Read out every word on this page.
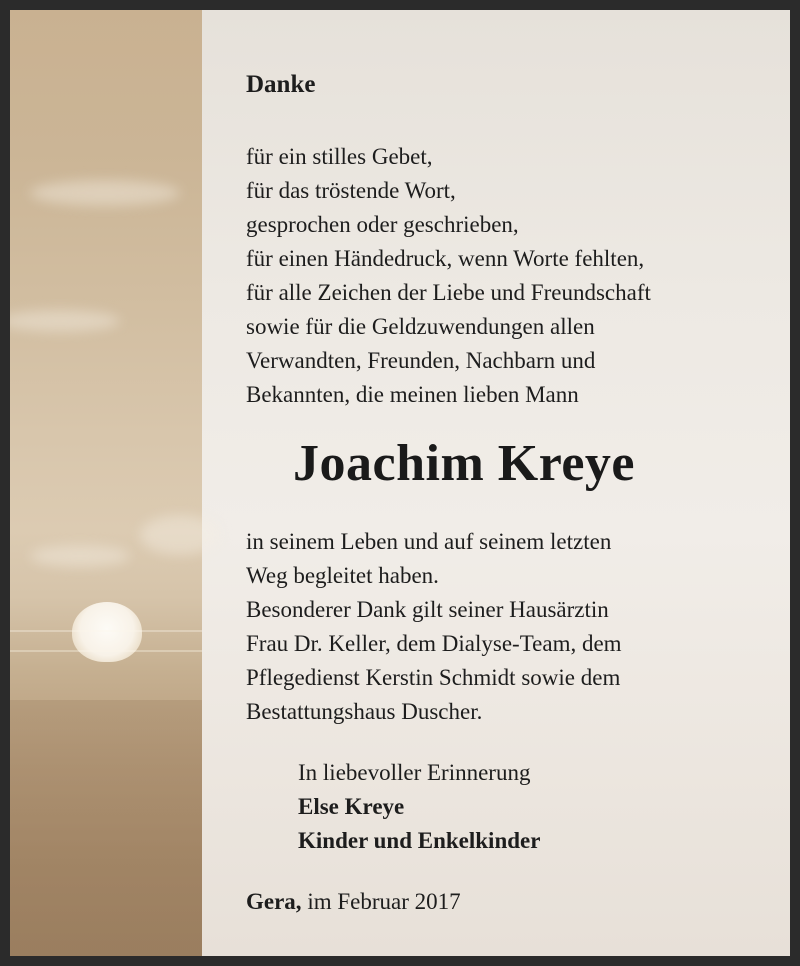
Danke

für ein stilles Gebet,
für das tröstende Wort,
gesprochen oder geschrieben,
für einen Händedruck, wenn Worte fehlten,
für alle Zeichen der Liebe und Freundschaft
sowie für die Geldzuwendungen allen
Verwandten, Freunden, Nachbarn und
Bekannten, die meinen lieben Mann

Joachim Kreye

in seinem Leben und auf seinem letzten
Weg begleitet haben.
Besonderer Dank gilt seiner Hausärztin
Frau Dr. Keller, dem Dialyse-Team, dem
Pflegedienst Kerstin Schmidt sowie dem
Bestattungshaus Duscher.

In liebevoller Erinnerung
Else Kreye
Kinder und Enkelkinder
Gera, im Februar 2017
